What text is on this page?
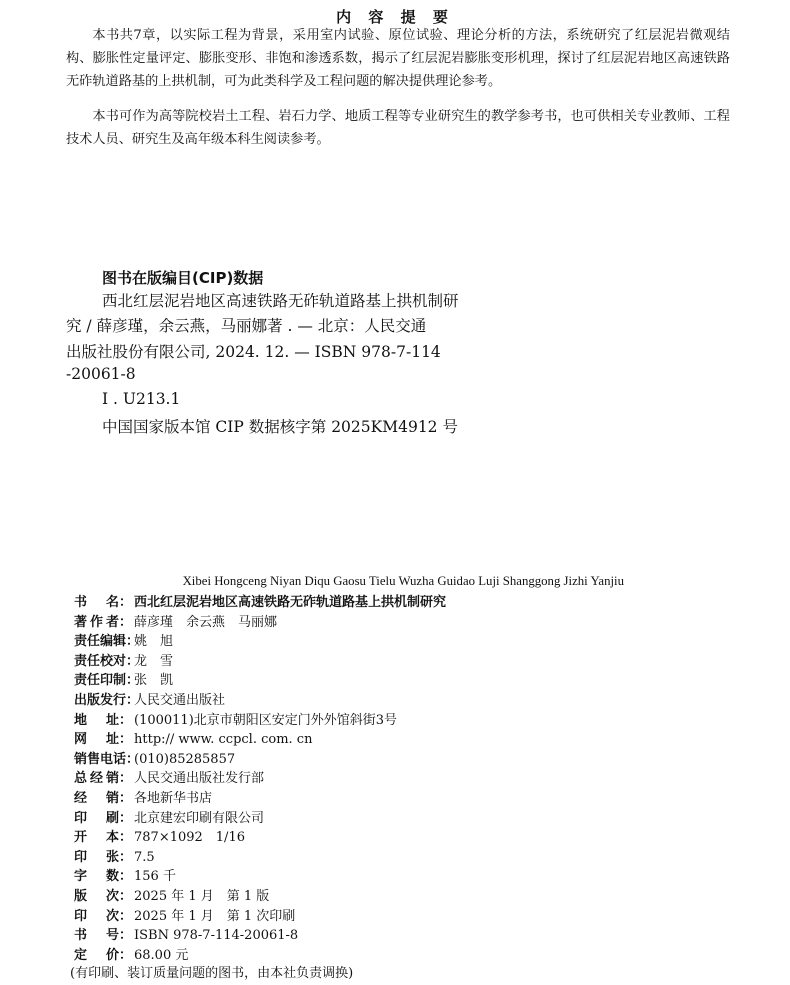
内 容 提 要

本书共7章，以实际工程为背景，采用室内试验、原位试验、理论分析的方法，系统研究了红层泥岩微观结构、膨胀性定量评定、膨胀变形、非饱和渗透系数，揭示了红层泥岩膨胀变形机理，探讨了红层泥岩地区高速铁路无砟轨道路基的上拱机制，可为此类科学及工程问题的解决提供理论参考。

本书可作为高等院校岩土工程、岩石力学、地质工程等专业研究生的教学参考书，也可供相关专业教师、工程技术人员、研究生及高年级本科生阅读参考。

图书在版编目(CIP)数据
西北红层泥岩地区高速铁路无砟轨道路基上拱机制研
究 / 薛彦瑾，余云燕，马丽娜著 . — 北京：人民交通
出版社股份有限公司, 2024. 12. — ISBN 978-7-114
-20061-8
Ⅰ . U213.1
中国国家版本馆 CIP 数据核字第 2025KM4912 号
Xibei Hongceng Niyan Diqu Gaosu Tielu Wuzha Guidao Luji Shanggong Jizhi Yanjiu
书 名： 西北红层泥岩地区高速铁路无砟轨道路基上拱机制研究
著 作 者： 薛彦瑾　余云燕　马丽娜
责任编辑：
姚　旭
责任校对：
龙　雪
责任印制：
张　凯
出版发行：
人民交通出版社
地 址： (100011)北京市朝阳区安定门外外馆斜街3号
网 址： http:// www. ccpcl. com. cn
销售电话：
(010)85285857
总 经 销： 人民交通出版社发行部
经 销： 各地新华书店
印 刷： 北京建宏印刷有限公司
开 本： 787×1092　1/16
印 张： 7.5
字 数： 156 千
版 次： 2025 年 1 月　第 1 版
印 次： 2025 年 1 月　第 1 次印刷
书 号： ISBN 978-7-114-20061-8
定 价： 68.00 元
(有印刷、装订质量问题的图书，由本社负责调换)
